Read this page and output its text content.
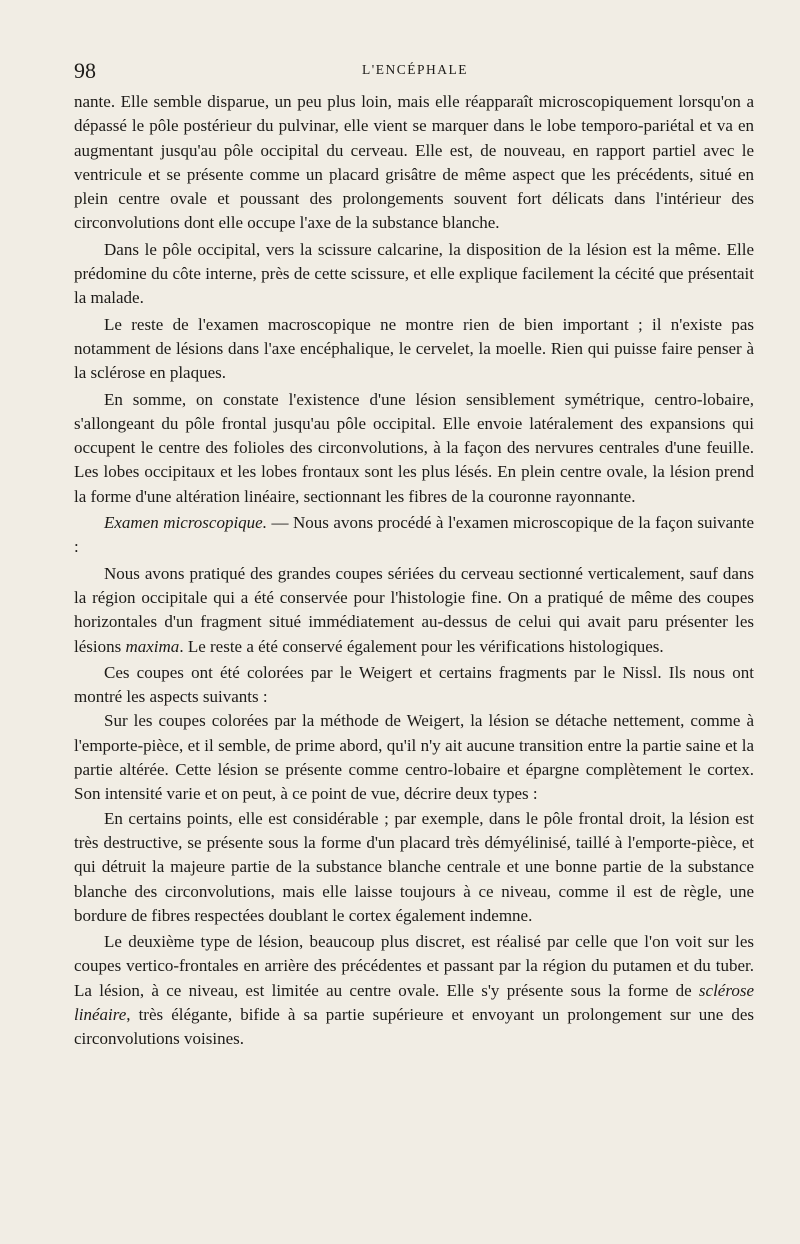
98	L'ENCÉPHALE

nante. Elle semble disparue, un peu plus loin, mais elle réapparaît microscopiquement lorsqu'on a dépassé le pôle postérieur du pulvinar, elle vient se marquer dans le lobe temporo-pariétal et va en augmentant jusqu'au pôle occipital du cerveau. Elle est, de nouveau, en rapport partiel avec le ventricule et se présente comme un placard grisâtre de même aspect que les précédents, situé en plein centre ovale et poussant des prolongements souvent fort délicats dans l'intérieur des circonvolutions dont elle occupe l'axe de la substance blanche.

Dans le pôle occipital, vers la scissure calcarine, la disposition de la lésion est la même. Elle prédomine du côte interne, près de cette scissure, et elle explique facilement la cécité que présentait la malade.

Le reste de l'examen macroscopique ne montre rien de bien important ; il n'existe pas notamment de lésions dans l'axe encéphalique, le cervelet, la moelle. Rien qui puisse faire penser à la sclérose en plaques.

En somme, on constate l'existence d'une lésion sensiblement symétrique, centro-lobaire, s'allongeant du pôle frontal jusqu'au pôle occipital. Elle envoie latéralement des expansions qui occupent le centre des folioles des circonvolutions, à la façon des nervures centrales d'une feuille. Les lobes occipitaux et les lobes frontaux sont les plus lésés. En plein centre ovale, la lésion prend la forme d'une altération linéaire, sectionnant les fibres de la couronne rayonnante.

Examen microscopique. — Nous avons procédé à l'examen microscopique de la façon suivante :

Nous avons pratiqué des grandes coupes sériées du cerveau sectionné verticalement, sauf dans la région occipitale qui a été conservée pour l'histologie fine. On a pratiqué de même des coupes horizontales d'un fragment situé immédiatement au-dessus de celui qui avait paru présenter les lésions maxima. Le reste a été conservé également pour les vérifications histologiques.

Ces coupes ont été colorées par le Weigert et certains fragments par le Nissl. Ils nous ont montré les aspects suivants :

Sur les coupes colorées par la méthode de Weigert, la lésion se détache nettement, comme à l'emporte-pièce, et il semble, de prime abord, qu'il n'y ait aucune transition entre la partie saine et la partie altérée. Cette lésion se présente comme centro-lobaire et épargne complètement le cortex. Son intensité varie et on peut, à ce point de vue, décrire deux types :

En certains points, elle est considérable ; par exemple, dans le pôle frontal droit, la lésion est très destructive, se présente sous la forme d'un placard très démyélinisé, taillé à l'emporte-pièce, et qui détruit la majeure partie de la substance blanche centrale et une bonne partie de la substance blanche des circonvolutions, mais elle laisse toujours à ce niveau, comme il est de règle, une bordure de fibres respectées doublant le cortex également indemne.

Le deuxième type de lésion, beaucoup plus discret, est réalisé par celle que l'on voit sur les coupes vertico-frontales en arrière des précédentes et passant par la région du putamen et du tuber. La lésion, à ce niveau, est limitée au centre ovale. Elle s'y présente sous la forme de sclérose linéaire, très élégante, bifide à sa partie supérieure et envoyant un prolongement sur une des circonvolutions voisines.
